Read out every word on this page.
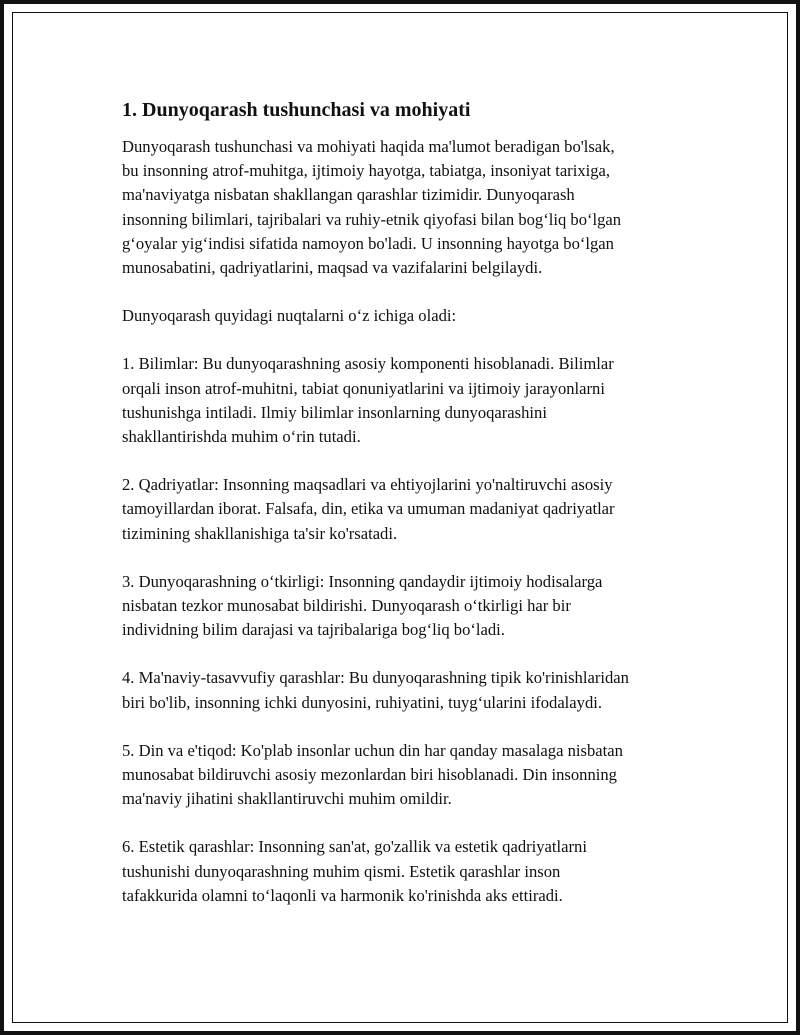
1. Dunyoqarash tushunchasi va mohiyati
Dunyoqarash tushunchasi va mohiyati haqida ma'lumot beradigan bo'lsak,
bu insonning atrof-muhitga, ijtimoiy hayotga, tabiatga, insoniyat tarixiga,
ma'naviyatga nisbatan shakllangan qarashlar tizimidir. Dunyoqarash
insonning bilimlari, tajribalari va ruhiy-etnik qiyofasi bilan bog‘liq bo‘lgan
g‘oyalar yig‘indisi sifatida namoyon bo'ladi. U insonning hayotga bo‘lgan
munosabatini, qadriyatlarini, maqsad va vazifalarini belgilaydi.
Dunyoqarash quyidagi nuqtalarni o‘z ichiga oladi:
1. Bilimlar: Bu dunyoqarashning asosiy komponenti hisoblanadi. Bilimlar
orqali inson atrof-muhitni, tabiat qonuniyatlarini va ijtimoiy jarayonlarni
tushunishga intiladi. Ilmiy bilimlar insonlarning dunyoqarashini
shakllantirishda muhim o‘rin tutadi.
2. Qadriyatlar: Insonning maqsadlari va ehtiyojlarini yo'naltiruvchi asosiy
tamoyillardan iborat. Falsafa, din, etika va umuman madaniyat qadriyatlar
tizimining shakllanishiga ta'sir ko'rsatadi.
3. Dunyoqarashning o‘tkirligi: Insonning qandaydir ijtimoiy hodisalarga
nisbatan tezkor munosabat bildirishi. Dunyoqarash o‘tkirligi har bir
individning bilim darajasi va tajribalariga bog‘liq bo‘ladi.
4. Ma'naviy-tasavvufiy qarashlar: Bu dunyoqarashning tipik ko'rinishlaridan
biri bo'lib, insonning ichki dunyosini, ruhiyatini, tuyg‘ularini ifodalaydi.
5. Din va e'tiqod: Ko'plab insonlar uchun din har qanday masalaga nisbatan
munosabat bildiruvchi asosiy mezonlardan biri hisoblanadi. Din insonning
ma'naviy jihatini shakllantiruvchi muhim omildir.
6. Estetik qarashlar: Insonning san'at, go'zallik va estetik qadriyatlarni
tushunishi dunyoqarashning muhim qismi. Estetik qarashlar inson
tafakkurida olamni to‘laqonli va harmonik ko'rinishda aks ettiradi.
